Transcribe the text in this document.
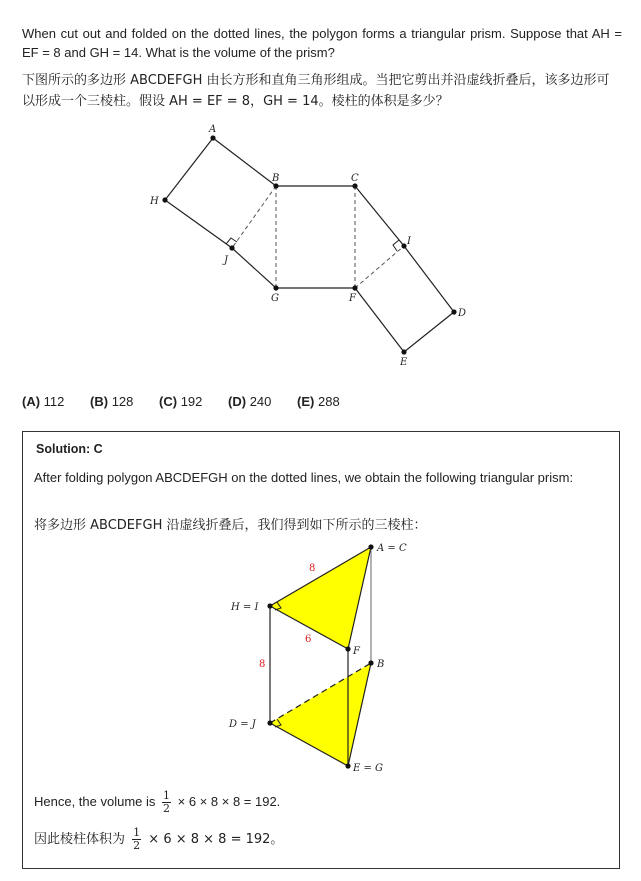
When cut out and folded on the dotted lines, the polygon forms a triangular prism. Suppose that AH = EF = 8 and GH = 14. What is the volume of the prism?
下图所示的多边形 ABCDEFGH 由长方形和直角三角形组成。当把它剪出并沿虚线折叠后，该多边形可以形成一个三棱柱。假设 AH = EF = 8，GH = 14。棱柱的体积是多少？
A
B	C
I
D
E
F
G
J
H
(A) 112 (B) 128 (C) 192 (D) 240 (E) 288
Solution: C
After folding polygon ABCDEFGH on the dotted lines, we obtain the following triangular prism:
将多边形 ABCDEFGH 沿虚线折叠后，我们得到如下所示的三棱柱：
A = C
H = I
F
B
D = J
E = G
8
6
8
Hence, the volume is $\frac{1}{2} \times 6 \times 8 \times 8 = 192$.
因此棱柱体积为 $\frac{1}{2} \times 6 \times 8 \times 8 = 192$。
